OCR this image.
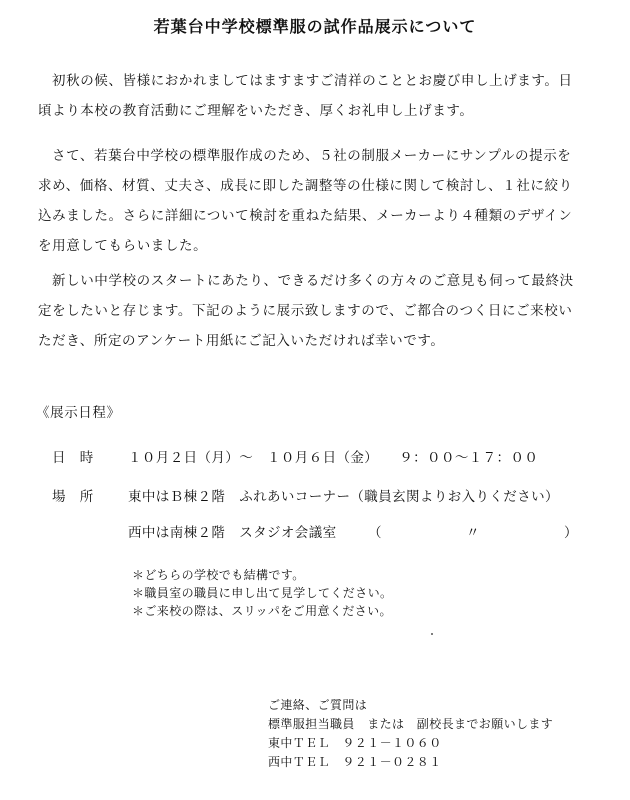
若葉台中学校標準服の試作品展示について
初秋の候、皆様におかれましてはますますご清祥のこととお慶び申し上げます。日
頃より本校の教育活動にご理解をいただき、厚くお礼申し上げます。
さて、若葉台中学校の標準服作成のため、５社の制服メーカーにサンプルの提示を
求め、価格、材質、丈夫さ、成長に即した調整等の仕様に関して検討し、１社に絞り
込みました。さらに詳細について検討を重ねた結果、メーカーより４種類のデザイン
を用意してもらいました。
新しい中学校のスタートにあたり、できるだけ多くの方々のご意見も伺って最終決
定をしたいと存じます。下記のように展示致しますので、ご都合のつく日にご来校い
ただき、所定のアンケート用紙にご記入いただければ幸いです。
《展示日程》
日　時	１０月２日（月）～　１０月６日（金）　　９：００～１７：００
場　所	東中はＢ棟２階　ふれあいコーナー（職員玄関よりお入りください）
西中は南棟２階　スタジオ会議室 （	〃	）
＊どちらの学校でも結構です。
＊職員室の職員に申し出て見学してください。
＊ご来校の際は、スリッパをご用意ください。
ご連絡、ご質問は
標準服担当職員　または　副校長までお願いします
東中ＴＥＬ　９２１－１０６０
西中ＴＥＬ　９２１－０２８１
